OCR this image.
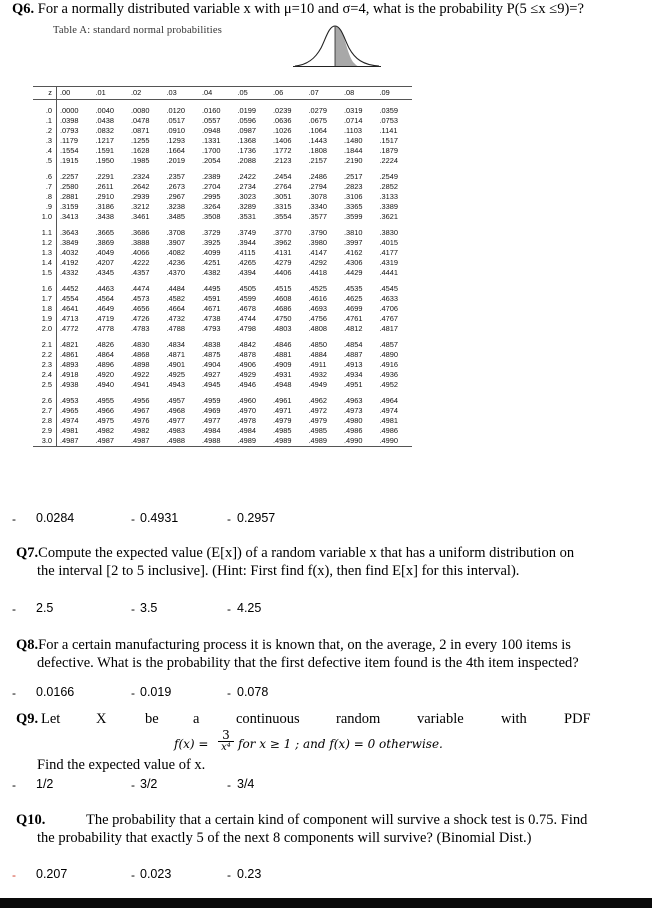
Q6. For a normally distributed variable x with μ=10 and σ=4, what is the probability P(5 ≤x ≤9)=?
Table A: standard normal probabilities
z	.00	.01	.02	.03	.04	.05	.06	.07	.08	.09

.0	.0000	.0040	.0080	.0120	.0160	.0199	.0239	.0279	.0319	.0359
.1	.0398	.0438	.0478	.0517	.0557	.0596	.0636	.0675	.0714	.0753
.2	.0793	.0832	.0871	.0910	.0948	.0987	.1026	.1064	.1103	.1141
.3	.1179	.1217	.1255	.1293	.1331	.1368	.1406	.1443	.1480	.1517
.4	.1554	.1591	.1628	.1664	.1700	.1736	.1772	.1808	.1844	.1879
.5	.1915	.1950	.1985	.2019	.2054	.2088	.2123	.2157	.2190	.2224

.6	.2257	.2291	.2324	.2357	.2389	.2422	.2454	.2486	.2517	.2549
.7	.2580	.2611	.2642	.2673	.2704	.2734	.2764	.2794	.2823	.2852
.8	.2881	.2910	.2939	.2967	.2995	.3023	.3051	.3078	.3106	.3133
.9	.3159	.3186	.3212	.3238	.3264	.3289	.3315	.3340	.3365	.3389
1.0	.3413	.3438	.3461	.3485	.3508	.3531	.3554	.3577	.3599	.3621

1.1	.3643	.3665	.3686	.3708	.3729	.3749	.3770	.3790	.3810	.3830
1.2	.3849	.3869	.3888	.3907	.3925	.3944	.3962	.3980	.3997	.4015
1.3	.4032	.4049	.4066	.4082	.4099	.4115	.4131	.4147	.4162	.4177
1.4	.4192	.4207	.4222	.4236	.4251	.4265	.4279	.4292	.4306	.4319
1.5	.4332	.4345	.4357	.4370	.4382	.4394	.4406	.4418	.4429	.4441

1.6	.4452	.4463	.4474	.4484	.4495	.4505	.4515	.4525	.4535	.4545
1.7	.4554	.4564	.4573	.4582	.4591	.4599	.4608	.4616	.4625	.4633
1.8	.4641	.4649	.4656	.4664	.4671	.4678	.4686	.4693	.4699	.4706
1.9	.4713	.4719	.4726	.4732	.4738	.4744	.4750	.4756	.4761	.4767
2.0	.4772	.4778	.4783	.4788	.4793	.4798	.4803	.4808	.4812	.4817

2.1	.4821	.4826	.4830	.4834	.4838	.4842	.4846	.4850	.4854	.4857
2.2	.4861	.4864	.4868	.4871	.4875	.4878	.4881	.4884	.4887	.4890
2.3	.4893	.4896	.4898	.4901	.4904	.4906	.4909	.4911	.4913	.4916
2.4	.4918	.4920	.4922	.4925	.4927	.4929	.4931	.4932	.4934	.4936
2.5	.4938	.4940	.4941	.4943	.4945	.4946	.4948	.4949	.4951	.4952

2.6	.4953	.4955	.4956	.4957	.4959	.4960	.4961	.4962	.4963	.4964
2.7	.4965	.4966	.4967	.4968	.4969	.4970	.4971	.4972	.4973	.4974
2.8	.4974	.4975	.4976	.4977	.4977	.4978	.4979	.4979	.4980	.4981
2.9	.4981	.4982	.4982	.4983	.4984	.4984	.4985	.4985	.4986	.4986
3.0	.4987	.4987	.4987	.4988	.4988	.4989	.4989	.4989	.4990	.4990
- 0.0284	- 0.4931	- 0.2957
Q7.Compute the expected value (E[x]) of a random variable x that has a uniform distribution on
the interval [2 to 5 inclusive]. (Hint: First find f(x), then find E[x] for this interval).
- 2.5	- 3.5	- 4.25
Q8.For a certain manufacturing process it is known that, on the average, 2 in every 100 items is
defective. What is the probability that the first defective item found is the 4th item inspected?
- 0.0166	- 0.019	- 0.078
Q9. Let X	be a	continuous	random	variable	with	PDF
f(x) =
3
x⁴ for x ≥ 1 ; and f(x) = 0 otherwise.
Find the expected value of x.
- 1/2	- 3/2	- 3/4
Q10.	The probability that a certain kind of component will survive a shock test is 0.75. Find
the probability that exactly 5 of the next 8 components will survive? (Binomial Dist.)
- 0.207	- 0.023	- 0.23
